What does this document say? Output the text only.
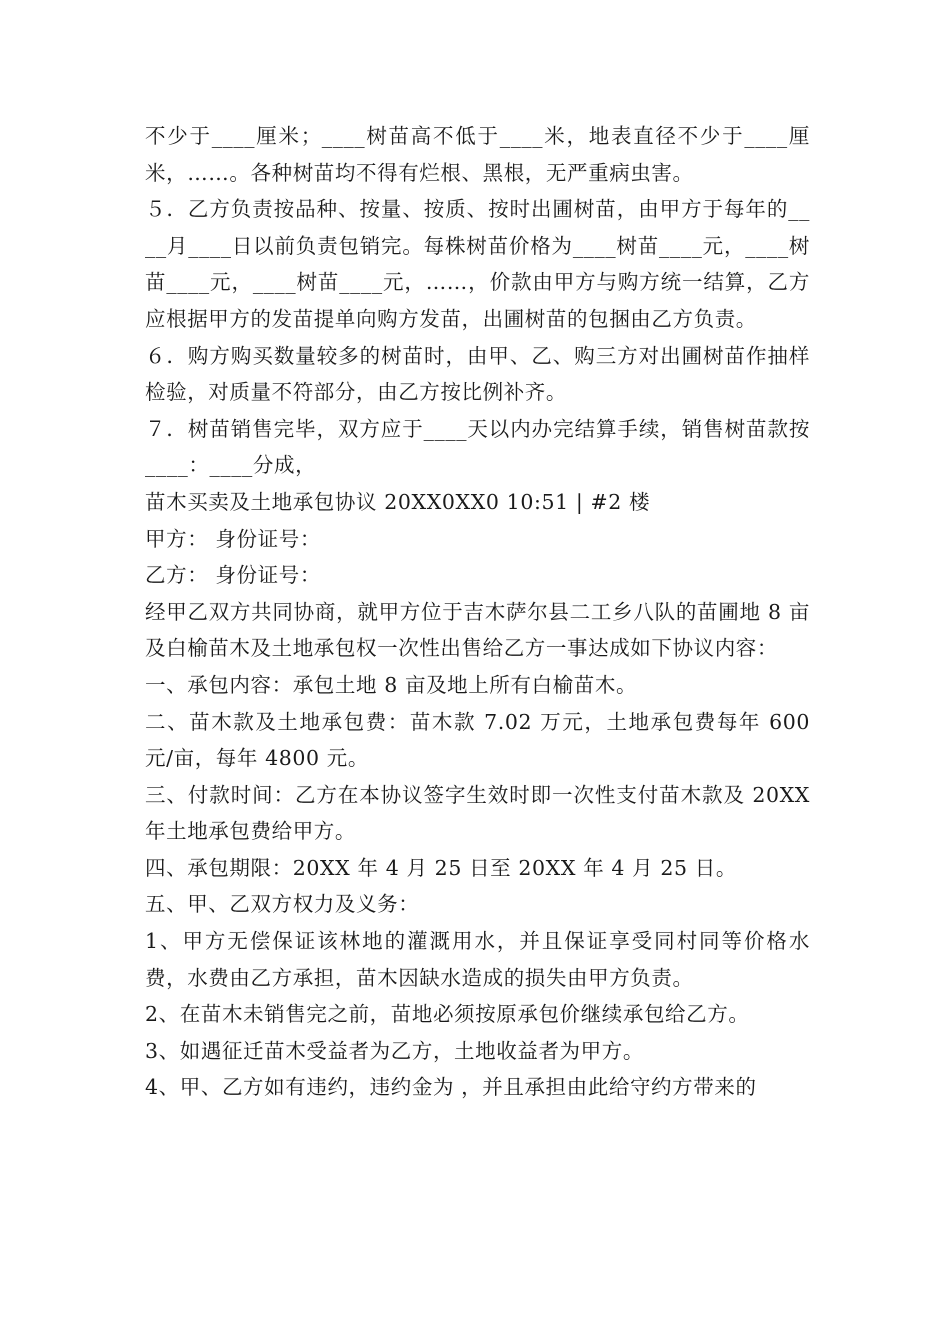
不少于____厘米；____树苗高不低于____米，地表直径不少于____厘米，……。各种树苗均不得有烂根、黑根，无严重病虫害。

５．乙方负责按品种、按量、按质、按时出圃树苗，由甲方于每年的____月____日以前负责包销完。每株树苗价格为____树苗____元，____树苗____元，____树苗____元，……，价款由甲方与购方统一结算，乙方应根据甲方的发苗提单向购方发苗，出圃树苗的包捆由乙方负责。

６．购方购买数量较多的树苗时，由甲、乙、购三方对出圃树苗作抽样检验，对质量不符部分，由乙方按比例补齐。

７．树苗销售完毕，双方应于____天以内办完结算手续，销售树苗款按____：____分成，

苗木买卖及土地承包协议 20XX0XX0 10:51 | #2 楼

甲方： 身份证号：

乙方： 身份证号：

经甲乙双方共同协商，就甲方位于吉木萨尔县二工乡八队的苗圃地 8 亩及白榆苗木及土地承包权一次性出售给乙方一事达成如下协议内容：

一、承包内容：承包土地 8 亩及地上所有白榆苗木。

二、苗木款及土地承包费：苗木款 7.02 万元，土地承包费每年 600 元/亩，每年 4800 元。

三、付款时间：乙方在本协议签字生效时即一次性支付苗木款及 20XX 年土地承包费给甲方。

四、承包期限：20XX 年 4 月 25 日至 20XX 年 4 月 25 日。

五、甲、乙双方权力及义务：

1、甲方无偿保证该林地的灌溉用水，并且保证享受同村同等价格水费，水费由乙方承担，苗木因缺水造成的损失由甲方负责。

2、在苗木未销售完之前，苗地必须按原承包价继续承包给乙方。

3、如遇征迁苗木受益者为乙方，土地收益者为甲方。

4、甲、乙方如有违约，违约金为 ，并且承担由此给守约方带来的
